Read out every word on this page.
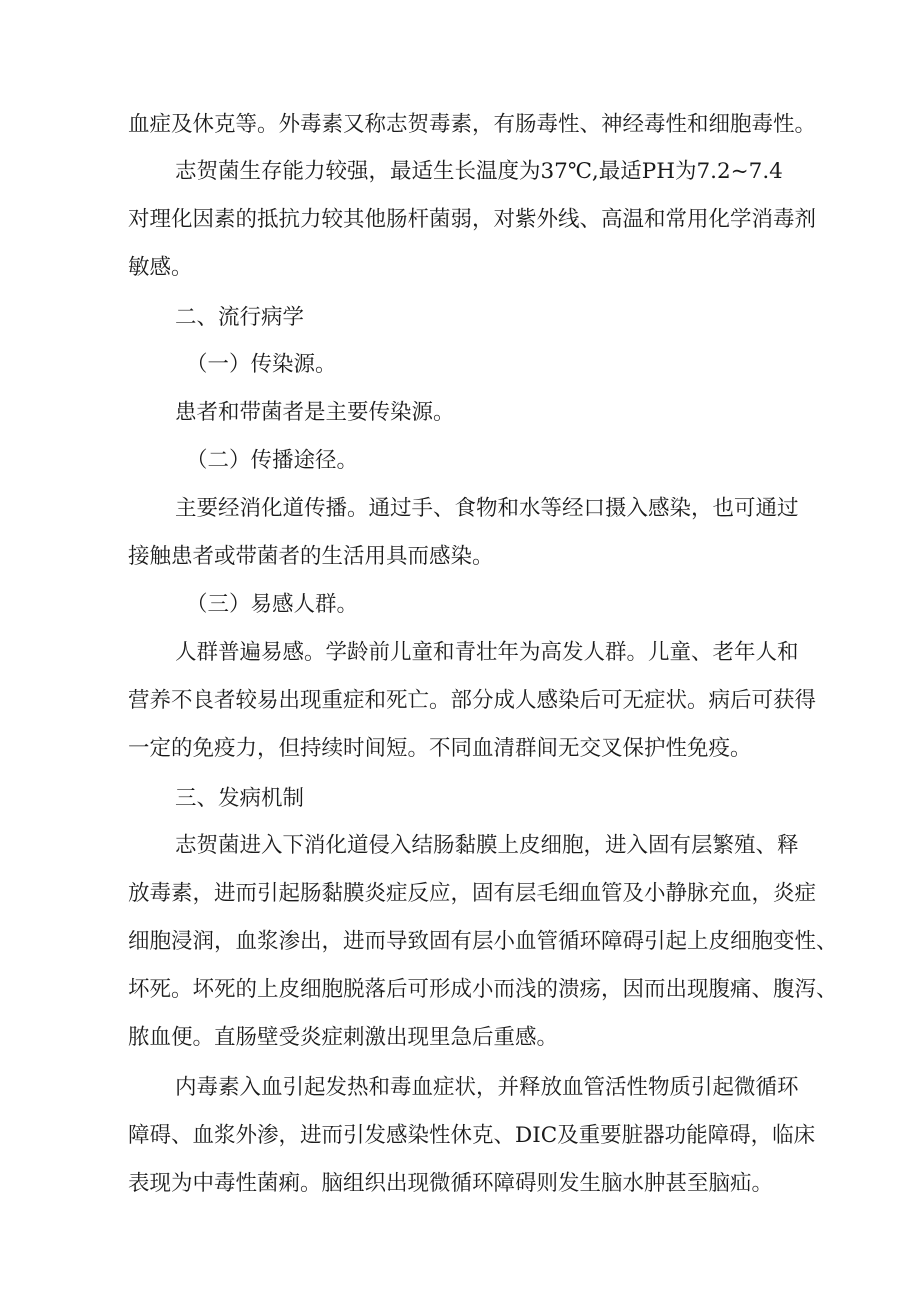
血症及休克等。外毒素又称志贺毒素，有肠毒性、神经毒性和细胞毒性。
志贺菌生存能力较强，最适生长温度为37℃,最适PH为7.2~7.4
对理化因素的抵抗力较其他肠杆菌弱，对紫外线、高温和常用化学消毒剂
敏感。
二、流行病学
（一）传染源。
患者和带菌者是主要传染源。
（二）传播途径。
主要经消化道传播。通过手、食物和水等经口摄入感染，也可通过
接触患者或带菌者的生活用具而感染。
（三）易感人群。
人群普遍易感。学龄前儿童和青壮年为高发人群。儿童、老年人和
营养不良者较易出现重症和死亡。部分成人感染后可无症状。病后可获得
一定的免疫力，但持续时间短。不同血清群间无交叉保护性免疫。
三、发病机制
志贺菌进入下消化道侵入结肠黏膜上皮细胞，进入固有层繁殖、释
放毒素，进而引起肠黏膜炎症反应，固有层毛细血管及小静脉充血，炎症
细胞浸润，血浆渗出，进而导致固有层小血管循环障碍引起上皮细胞变性、
坏死。坏死的上皮细胞脱落后可形成小而浅的溃疡，因而出现腹痛、腹泻、
脓血便。直肠壁受炎症刺激出现里急后重感。
内毒素入血引起发热和毒血症状，并释放血管活性物质引起微循环
障碍、血浆外渗，进而引发感染性休克、DIC及重要脏器功能障碍，临床
表现为中毒性菌痢。脑组织出现微循环障碍则发生脑水肿甚至脑疝。
